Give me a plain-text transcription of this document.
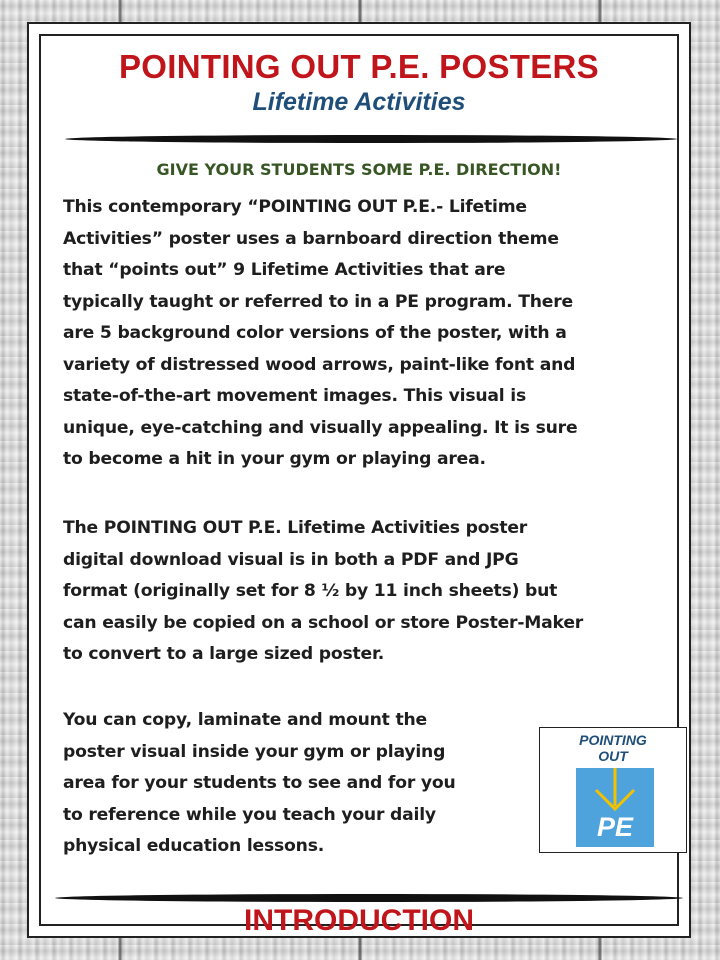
POINTING OUT P.E. POSTERS
Lifetime Activities

GIVE YOUR STUDENTS SOME P.E. DIRECTION!

This contemporary “POINTING OUT P.E.- Lifetime
Activities” poster uses a barnboard direction theme
that “points out” 9 Lifetime Activities that are
typically taught or referred to in a PE program. There
are 5 background color versions of the poster, with a
variety of distressed wood arrows, paint-like font and
state-of-the-art movement images. This visual is
unique, eye-catching and visually appealing. It is sure
to become a hit in your gym or playing area.
The POINTING OUT P.E. Lifetime Activities poster
digital download visual is in both a PDF and JPG
format (originally set for 8 ½ by 11 inch sheets) but
can easily be copied on a school or store Poster-Maker
to convert to a large sized poster.
You can copy, laminate and mount the
poster visual inside your gym or playing
area for your students to see and for you
to reference while you teach your daily
physical education lessons.
POINTING
OUT
PE
INTRODUCTION
